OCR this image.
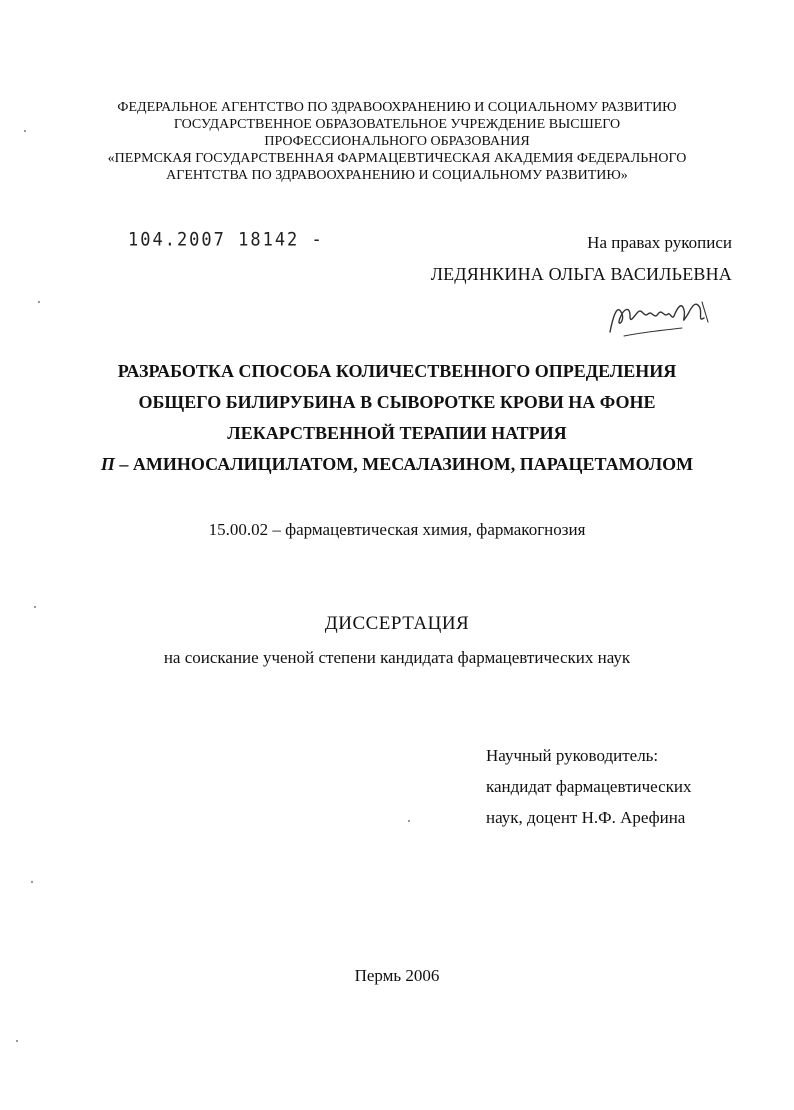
ФЕДЕРАЛЬНОЕ АГЕНТСТВО ПО ЗДРАВООХРАНЕНИЮ И СОЦИАЛЬНОМУ РАЗВИТИЮ
ГОСУДАРСТВЕННОЕ ОБРАЗОВАТЕЛЬНОЕ УЧРЕЖДЕНИЕ ВЫСШЕГО
ПРОФЕССИОНАЛЬНОГО ОБРАЗОВАНИЯ
«ПЕРМСКАЯ ГОСУДАРСТВЕННАЯ ФАРМАЦЕВТИЧЕСКАЯ АКАДЕМИЯ ФЕДЕРАЛЬНОГО
АГЕНТСТВА ПО ЗДРАВООХРАНЕНИЮ И СОЦИАЛЬНОМУ РАЗВИТИЮ»
104.2007 18142 -	На правах рукописи
ЛЕДЯНКИНА ОЛЬГА ВАСИЛЬЕВНА
РАЗРАБОТКА СПОСОБА КОЛИЧЕСТВЕННОГО ОПРЕДЕЛЕНИЯ
ОБЩЕГО БИЛИРУБИНА В СЫВОРОТКЕ КРОВИ НА ФОНЕ
ЛЕКАРСТВЕННОЙ ТЕРАПИИ НАТРИЯ
П – АМИНОСАЛИЦИЛАТОМ, МЕСАЛАЗИНОМ, ПАРАЦЕТАМОЛОМ
15.00.02 – фармацевтическая химия, фармакогнозия
ДИССЕРТАЦИЯ
на соискание ученой степени кандидата фармацевтических наук
Научный руководитель:
кандидат фармацевтических
наук, доцент Н.Ф. Арефина
Пермь 2006
